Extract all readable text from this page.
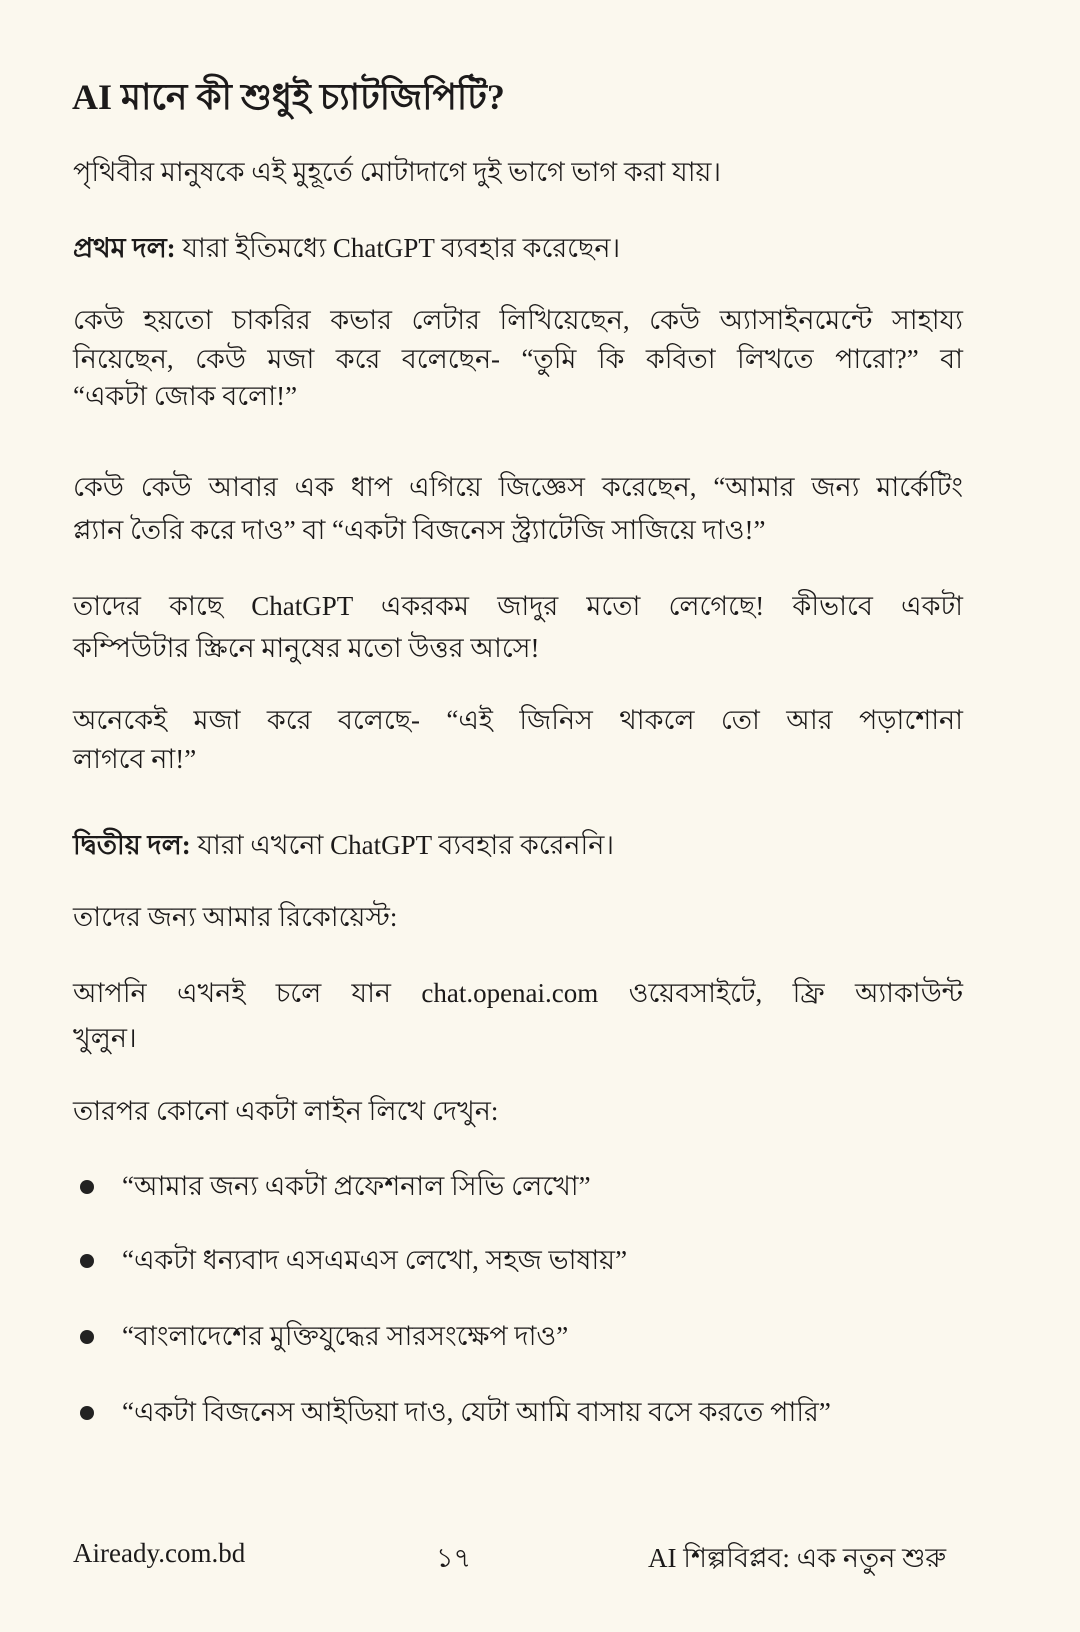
AI মানে কী শুধুই চ্যাটজিপিটি?
পৃথিবীর মানুষকে এই মুহূর্তে মোটাদাগে দুই ভাগে ভাগ করা যায়।
প্রথম দল: যারা ইতিমধ্যে ChatGPT ব্যবহার করেছেন।
কেউ হয়তো চাকরির কভার লেটার লিখিয়েছেন, কেউ অ্যাসাইনমেন্টে সাহায্য
নিয়েছেন, কেউ মজা করে বলেছেন- “তুমি কি কবিতা লিখতে পারো?” বা
“একটা জোক বলো!”
কেউ কেউ আবার এক ধাপ এগিয়ে জিজ্ঞেস করেছেন, “আমার জন্য মার্কেটিং
প্ল্যান তৈরি করে দাও” বা “একটা বিজনেস স্ট্র্যাটেজি সাজিয়ে দাও!”
তাদের কাছে ChatGPT একরকম জাদুর মতো লেগেছে! কীভাবে একটা
কম্পিউটার স্ক্রিনে মানুষের মতো উত্তর আসে!
অনেকেই মজা করে বলেছে- “এই জিনিস থাকলে তো আর পড়াশোনা
লাগবে না!”
দ্বিতীয় দল: যারা এখনো ChatGPT ব্যবহার করেননি।
তাদের জন্য আমার রিকোয়েস্ট:
আপনি এখনই চলে যান chat.openai.com ওয়েবসাইটে, ফ্রি অ্যাকাউন্ট
খুলুন।
তারপর কোনো একটা লাইন লিখে দেখুন:
“আমার জন্য একটা প্রফেশনাল সিভি লেখো”
“একটা ধন্যবাদ এসএমএস লেখো, সহজ ভাষায়”
“বাংলাদেশের মুক্তিযুদ্ধের সারসংক্ষেপ দাও”
“একটা বিজনেস আইডিয়া দাও, যেটা আমি বাসায় বসে করতে পারি”
Aiready.com.bd	১৭	AI শিল্পবিপ্লব: এক নতুন শুরু
